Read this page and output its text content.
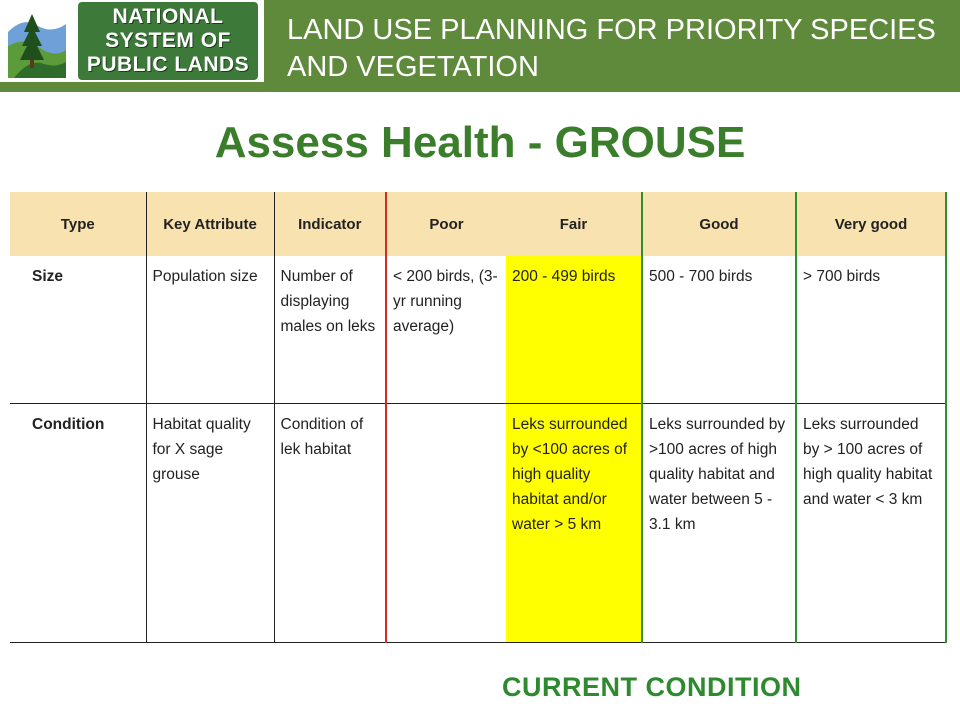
NATIONAL
SYSTEM OF
PUBLIC LANDS
LAND USE PLANNING FOR PRIORITY SPECIES
AND VEGETATION
Assess Health - GROUSE
Type	Key Attribute	Indicator	Poor	Fair	Good	Very good
Size	Population size	Number of displaying males on leks	< 200 birds, (3-yr running average)	200 - 499 birds	500 - 700 birds	> 700 birds
Condition	Habitat quality for X sage grouse	Condition of lek habitat		Leks surrounded by <100 acres of high quality habitat and/or water > 5 km	Leks surrounded by >100 acres of high quality habitat and water between 5 - 3.1 km	Leks surrounded by > 100 acres of high quality habitat and water < 3 km
CURRENT CONDITION
